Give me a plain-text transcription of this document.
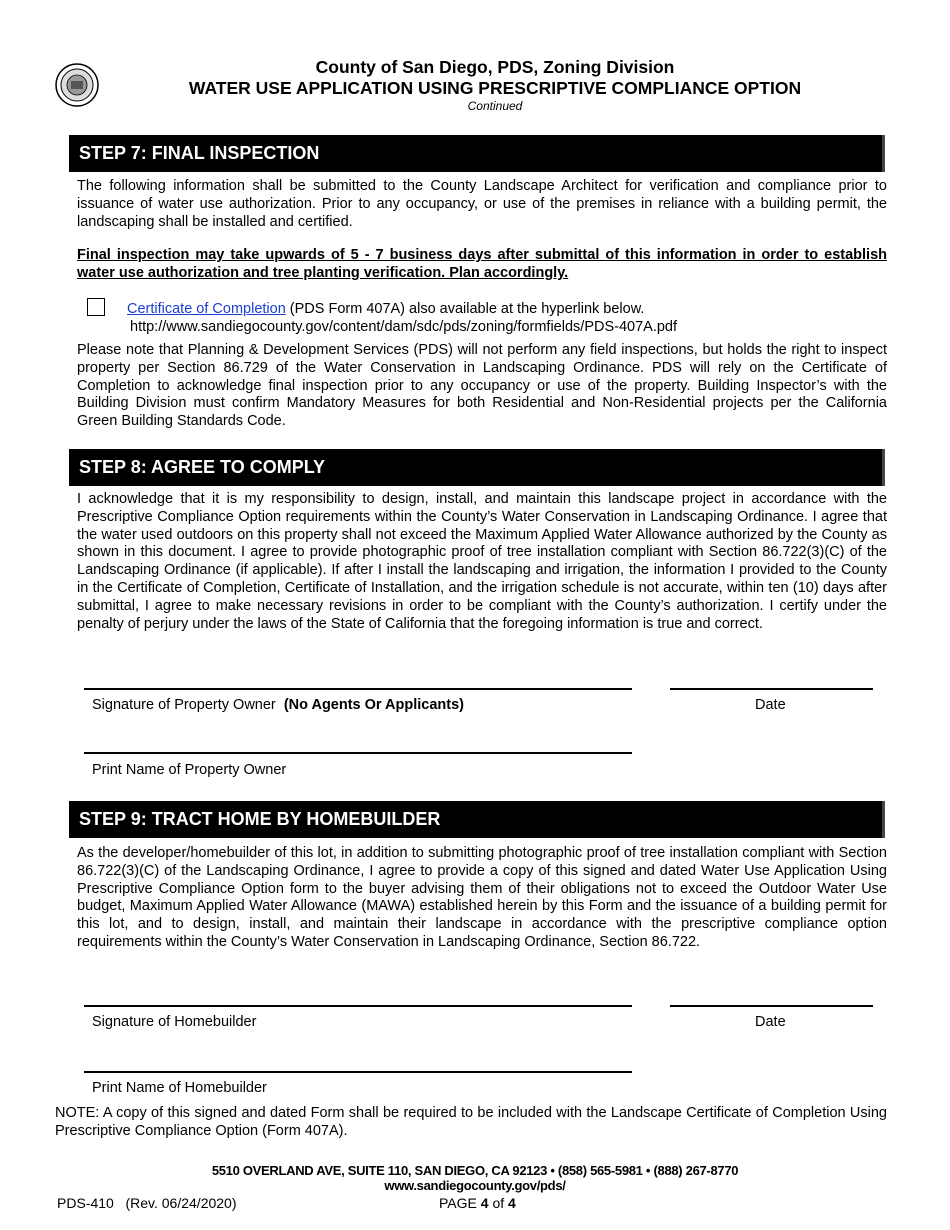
County of San Diego, PDS, Zoning Division
WATER USE APPLICATION USING PRESCRIPTIVE COMPLIANCE OPTION
Continued
STEP 7: FINAL INSPECTION

The following information shall be submitted to the County Landscape Architect for verification and compliance prior to issuance of water use authorization. Prior to any occupancy, or use of the premises in reliance with a building permit, the landscaping shall be installed and certified.

Final inspection may take upwards of 5 - 7 business days after submittal of this information in order to establish water use authorization and tree planting verification. Plan accordingly.

Certificate of Completion (PDS Form 407A) also available at the hyperlink below.
http://www.sandiegocounty.gov/content/dam/sdc/pds/zoning/formfields/PDS-407A.pdf

Please note that Planning & Development Services (PDS) will not perform any field inspections, but holds the right to inspect property per Section 86.729 of the Water Conservation in Landscaping Ordinance. PDS will rely on the Certificate of Completion to acknowledge final inspection prior to any occupancy or use of the property. Building Inspector’s with the Building Division must confirm Mandatory Measures for both Residential and Non-Residential projects per the California Green Building Standards Code.

STEP 8: AGREE TO COMPLY

I acknowledge that it is my responsibility to design, install, and maintain this landscape project in accordance with the Prescriptive Compliance Option requirements within the County’s Water Conservation in Landscaping Ordinance. I agree that the water used outdoors on this property shall not exceed the Maximum Applied Water Allowance authorized by the County as shown in this document. I agree to provide photographic proof of tree installation compliant with Section 86.722(3)(C) of the Landscaping Ordinance (if applicable). If after I install the landscaping and irrigation, the information I provided to the County in the Certificate of Completion, Certificate of Installation, and the irrigation schedule is not accurate, within ten (10) days after submittal, I agree to make necessary revisions in order to be compliant with the County’s authorization. I certify under the penalty of perjury under the laws of the State of California that the foregoing information is true and correct.

Signature of Property Owner (No Agents Or Applicants)	Date
Print Name of Property Owner
STEP 9: TRACT HOME BY HOMEBUILDER

As the developer/homebuilder of this lot, in addition to submitting photographic proof of tree installation compliant with Section 86.722(3)(C) of the Landscaping Ordinance, I agree to provide a copy of this signed and dated Water Use Application Using Prescriptive Compliance Option form to the buyer advising them of their obligations not to exceed the Outdoor Water Use budget, Maximum Applied Water Allowance (MAWA) established herein by this Form and the issuance of a building permit for this lot, and to design, install, and maintain their landscape in accordance with the prescriptive compliance option requirements within the County’s Water Conservation in Landscaping Ordinance, Section 86.722.

Signature of Homebuilder	Date
Print Name of Homebuilder

NOTE: A copy of this signed and dated Form shall be required to be included with the Landscape Certificate of Completion Using Prescriptive Compliance Option (Form 407A).

5510 OVERLAND AVE, SUITE 110, SAN DIEGO, CA 92123 • (858) 565-5981 • (888) 267-8770
www.sandiegocounty.gov/pds/
PDS-410   (Rev. 06/24/2020)	PAGE 4 of 4
